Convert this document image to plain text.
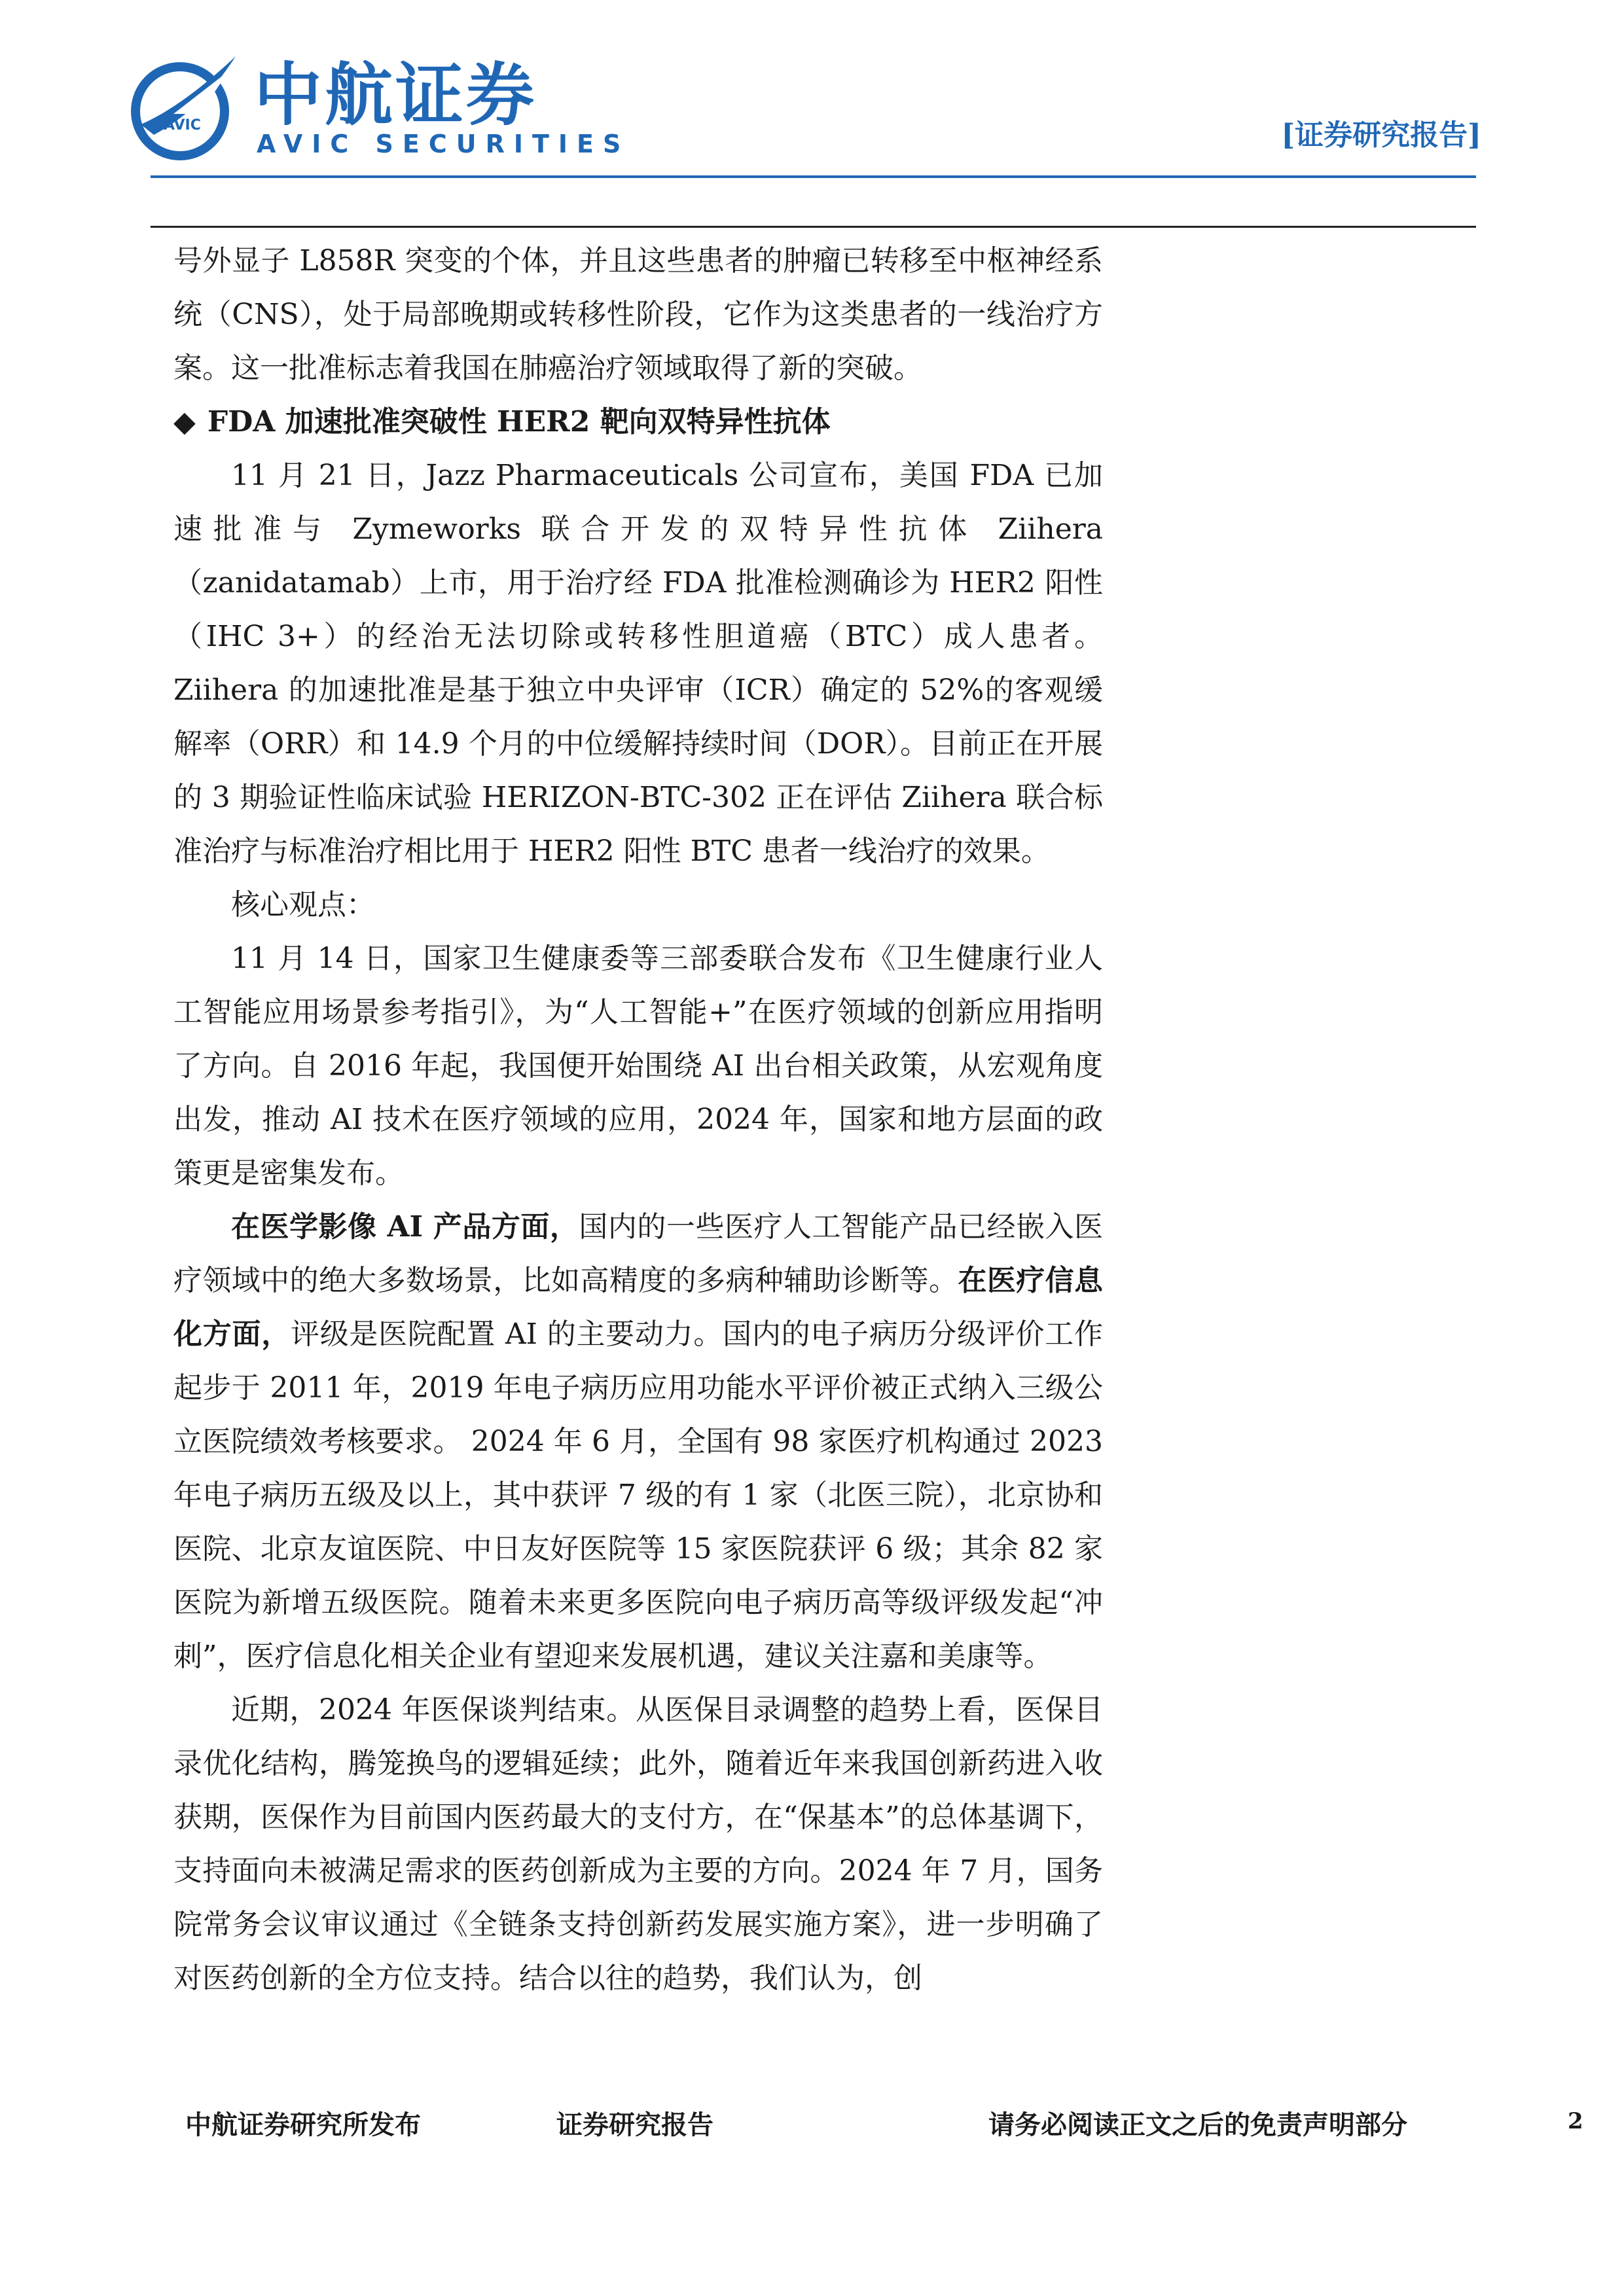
AVIC 中航证券
AVIC SECURITIES	[证券研究报告]

号外显子 L858R 突变的个体，并且这些患者的肿瘤已转移至中枢神经系统（CNS），处于局部晚期或转移性阶段，它作为这类患者的一线治疗方案。这一批准标志着我国在肺癌治疗领域取得了新的突破。

◆ FDA 加速批准突破性 HER2 靶向双特异性抗体

11 月 21 日，Jazz Pharmaceuticals 公司宣布，美国 FDA 已加速批准与 Zymeworks 联合开发的双特异性抗体 Ziihera（zanidatamab）上市，用于治疗经 FDA 批准检测确诊为 HER2 阳性（IHC 3+）的经治无法切除或转移性胆道癌（BTC）成人患者。Ziihera 的加速批准是基于独立中央评审（ICR）确定的 52%的客观缓解率（ORR）和 14.9 个月的中位缓解持续时间（DOR）。目前正在开展的 3 期验证性临床试验 HERIZON-BTC-302 正在评估 Ziihera 联合标准治疗与标准治疗相比用于 HER2 阳性 BTC 患者一线治疗的效果。

核心观点：

11 月 14 日，国家卫生健康委等三部委联合发布《卫生健康行业人工智能应用场景参考指引》，为“人工智能+”在医疗领域的创新应用指明了方向。自 2016 年起，我国便开始围绕 AI 出台相关政策，从宏观角度出发，推动 AI 技术在医疗领域的应用，2024 年，国家和地方层面的政策更是密集发布。

在医学影像 AI 产品方面，国内的一些医疗人工智能产品已经嵌入医疗领域中的绝大多数场景，比如高精度的多病种辅助诊断等。在医疗信息化方面，评级是医院配置 AI 的主要动力。国内的电子病历分级评价工作起步于 2011 年，2019 年电子病历应用功能水平评价被正式纳入三级公立医院绩效考核要求。 2024 年 6 月，全国有 98 家医疗机构通过 2023 年电子病历五级及以上，其中获评 7 级的有 1 家（北医三院），北京协和医院、北京友谊医院、中日友好医院等 15 家医院获评 6 级；其余 82 家医院为新增五级医院。随着未来更多医院向电子病历高等级评级发起“冲刺”，医疗信息化相关企业有望迎来发展机遇，建议关注嘉和美康等。

近期，2024 年医保谈判结束。从医保目录调整的趋势上看，医保目录优化结构，腾笼换鸟的逻辑延续；此外，随着近年来我国创新药进入收获期，医保作为目前国内医药最大的支付方，在“保基本”的总体基调下，支持面向未被满足需求的医药创新成为主要的方向。2024 年 7 月，国务院常务会议审议通过《全链条支持创新药发展实施方案》，进一步明确了对医药创新的全方位支持。结合以往的趋势，我们认为，创

中航证券研究所发布	证券研究报告	请务必阅读正文之后的免责声明部分	2
